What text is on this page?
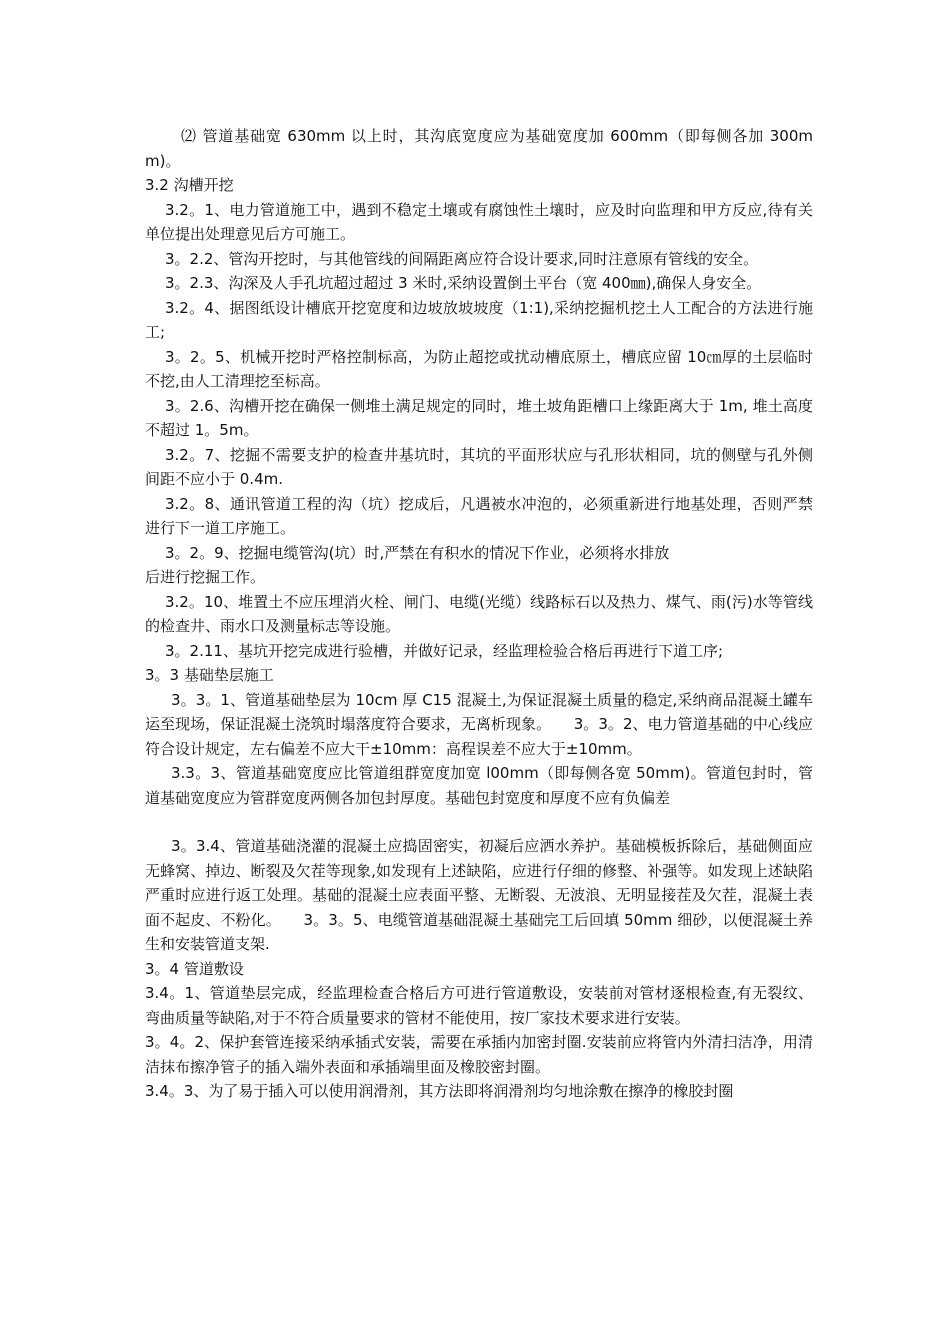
⑵ 管道基础宽 630mm 以上时，其沟底宽度应为基础宽度加 600mm（即每侧各加 300mm)。

3.2 沟槽开挖

3.2。1、电力管道施工中，遇到不稳定土壤或有腐蚀性土壤时，应及时向监理和甲方反应,待有关单位提出处理意见后方可施工。

3。2.2、管沟开挖时，与其他管线的间隔距离应符合设计要求,同时注意原有管线的安全。

3。2.3、沟深及人手孔坑超过超过 3 米时,采纳设置倒土平台（宽 400㎜),确保人身安全。

3.2。4、据图纸设计槽底开挖宽度和边坡放坡坡度（1:1),采纳挖掘机挖土人工配合的方法进行施工;

3。2。5、机械开挖时严格控制标高，为防止超挖或扰动槽底原土，槽底应留 10㎝厚的土层临时不挖,由人工清理挖至标高。

3。2.6、沟槽开挖在确保一侧堆土满足规定的同时，堆土坡角距槽口上缘距离大于 1m, 堆土高度不超过 1。5m。

3.2。7、挖掘不需要支护的检查井基坑时，其坑的平面形状应与孔形状相同，坑的侧壁与孔外侧间距不应小于 0.4m.

3.2。8、通讯管道工程的沟（坑）挖成后，凡遇被水冲泡的，必须重新进行地基处理，否则严禁进行下一道工序施工。

3。2。9、挖掘电缆管沟(坑）时,严禁在有积水的情况下作业，必须将水排放

后进行挖掘工作。

3.2。10、堆置土不应压埋消火栓、闸门、电缆(光缆）线路标石以及热力、煤气、雨(污)水等管线的检查井、雨水口及测量标志等设施。

3。2.11、基坑开挖完成进行验槽，并做好记录，经监理检验合格后再进行下道工序;

3。3 基础垫层施工

3。3。1、管道基础垫层为 10cm 厚 C15 混凝土,为保证混凝土质量的稳定,采纳商品混凝土罐车运至现场，保证混凝土浇筑时塌落度符合要求，无离析现象。　　3。3。2、电力管道基础的中心线应符合设计规定，左右偏差不应大干±10mm：高程误差不应大于±10mm。

3.3。3、管道基础宽度应比管道组群宽度加宽 l00mm（即每侧各宽 50mm)。管道包封时，管道基础宽度应为管群宽度两侧各加包封厚度。基础包封宽度和厚度不应有负偏差

3。3.4、管道基础浇灌的混凝土应捣固密实，初凝后应洒水养护。基础模板拆除后，基础侧面应无蜂窝、掉边、断裂及欠茬等现象,如发现有上述缺陷，应进行仔细的修整、补强等。如发现上述缺陷严重时应进行返工处理。基础的混凝土应表面平整、无断裂、无波浪、无明显接茬及欠茬，混凝土表面不起皮、不粉化。　　3。3。5、电缆管道基础混凝土基础完工后回填 50mm 细砂，以便混凝土养生和安装管道支架.

3。4 管道敷设

3.4。1、管道垫层完成，经监理检查合格后方可进行管道敷设，安装前对管材逐根检查,有无裂纹、弯曲质量等缺陷,对于不符合质量要求的管材不能使用，按厂家技术要求进行安装。

3。4。2、保护套管连接采纳承插式安装，需要在承插内加密封圈.安装前应将管内外清扫洁净，用清洁抹布擦净管子的插入端外表面和承插端里面及橡胶密封圈。

3.4。3、为了易于插入可以使用润滑剂，其方法即将润滑剂均匀地涂敷在擦净的橡胶封圈
